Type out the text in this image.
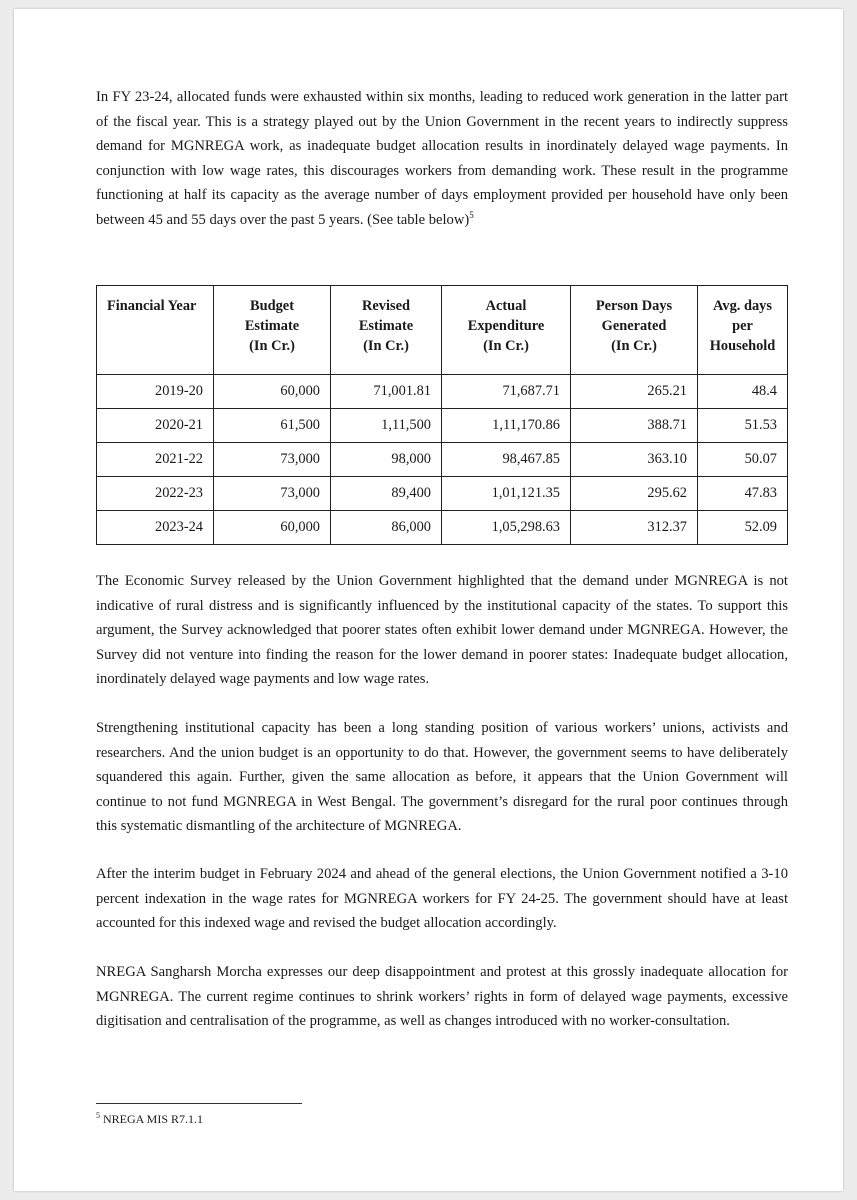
In FY 23-24, allocated funds were exhausted within six months, leading to reduced work generation in the latter part of the fiscal year. This is a strategy played out by the Union Government in the recent years to indirectly suppress demand for MGNREGA work, as inadequate budget allocation results in inordinately delayed wage payments. In conjunction with low wage rates, this discourages workers from demanding work. These result in the programme functioning at half its capacity as the average number of days employment provided per household have only been between 45 and 55 days over the past 5 years. (See table below)$^5$

Financial Year	Budget
Estimate
(In Cr.)	Revised
Estimate
(In Cr.)	Actual
Expenditure
(In Cr.)	Person Days
Generated
(In Cr.)	Avg. days per
Household
2019-20	60,000	71,001.81	71,687.71	265.21	48.4
2020-21	61,500	1,11,500	1,11,170.86	388.71	51.53
2021-22	73,000	98,000	98,467.85	363.10	50.07
2022-23	73,000	89,400	1,01,121.35	295.62	47.83
2023-24	60,000	86,000	1,05,298.63	312.37	52.09

The Economic Survey released by the Union Government highlighted that the demand under MGNREGA is not indicative of rural distress and is significantly influenced by the institutional capacity of the states. To support this argument, the Survey acknowledged that poorer states often exhibit lower demand under MGNREGA. However, the Survey did not venture into finding the reason for the lower demand in poorer states: Inadequate budget allocation, inordinately delayed wage payments and low wage rates.

Strengthening institutional capacity has been a long standing position of various workers’ unions, activists and researchers. And the union budget is an opportunity to do that. However, the government seems to have deliberately squandered this again. Further, given the same allocation as before, it appears that the Union Government will continue to not fund MGNREGA in West Bengal. The government’s disregard for the rural poor continues through this systematic dismantling of the architecture of MGNREGA.

After the interim budget in February 2024 and ahead of the general elections, the Union Government notified a 3-10 percent indexation in the wage rates for MGNREGA workers for FY 24-25. The government should have at least accounted for this indexed wage and revised the budget allocation accordingly.

NREGA Sangharsh Morcha expresses our deep disappointment and protest at this grossly inadequate allocation for MGNREGA. The current regime continues to shrink workers’ rights in form of delayed wage payments, excessive digitisation and centralisation of the programme, as well as changes introduced with no worker-consultation.

$^5$ NREGA MIS R7.1.1
